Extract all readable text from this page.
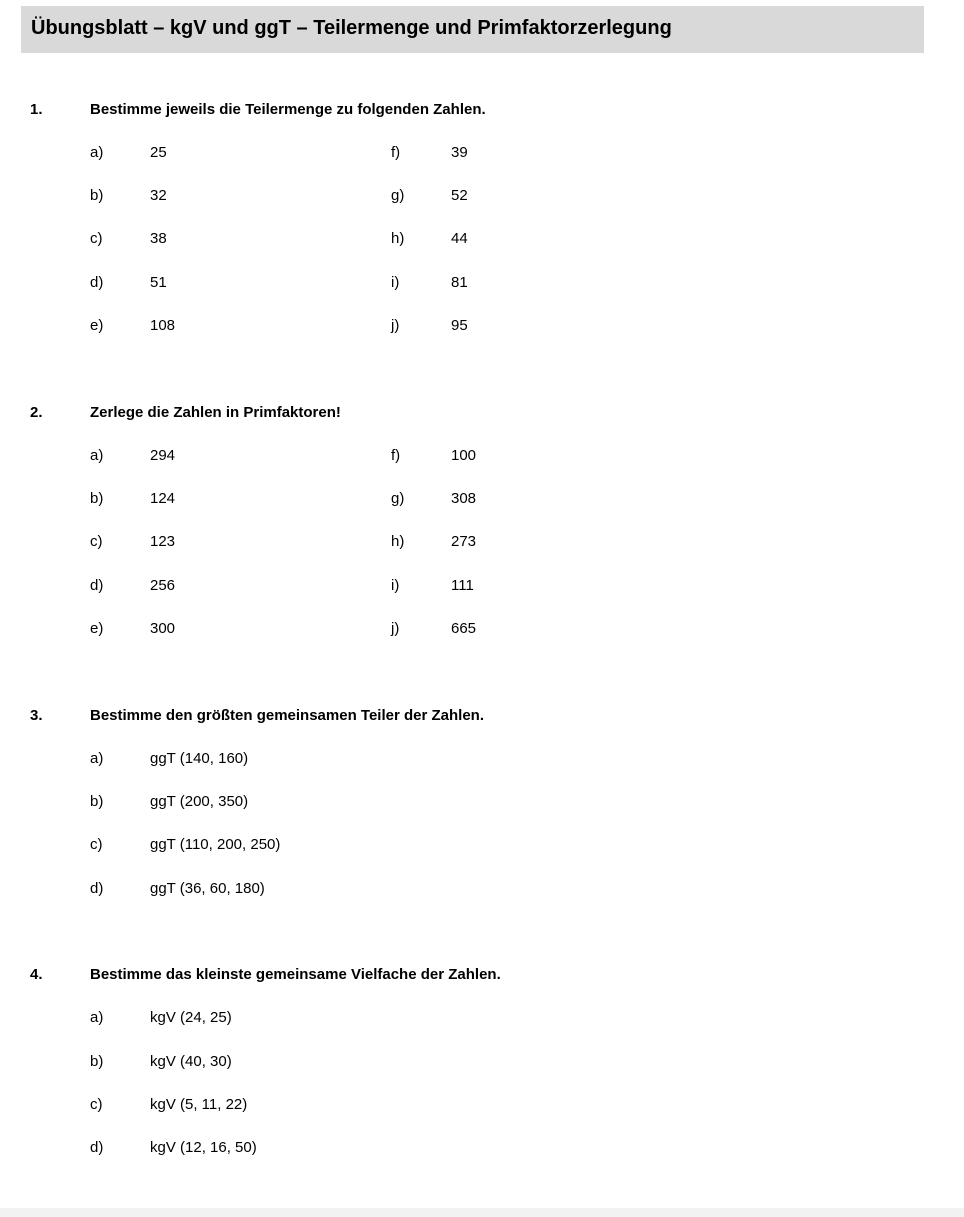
Übungsblatt – kgV und ggT – Teilermenge und Primfaktorzerlegung
1.	Bestimme jeweils die Teilermenge zu folgenden Zahlen.
a)	25
b)	32
c)	38
d)	51
e)	108
f)	39
g)	52
h)	44
i)	81
j)	95
2.	Zerlege die Zahlen in Primfaktoren!
a)	294
b)	124
c)	123
d)	256
e)	300
f)	100
g)	308
h)	273
i)	111
j)	665
3.	Bestimme den größten gemeinsamen Teiler der Zahlen.
a)	ggT (140, 160)
b)	ggT (200, 350)
c)	ggT (110, 200, 250)
d)	ggT (36, 60, 180)
4.	Bestimme das kleinste gemeinsame Vielfache der Zahlen.
a)	kgV (24, 25)
b)	kgV (40, 30)
c)	kgV (5, 11, 22)
d)	kgV (12, 16, 50)
